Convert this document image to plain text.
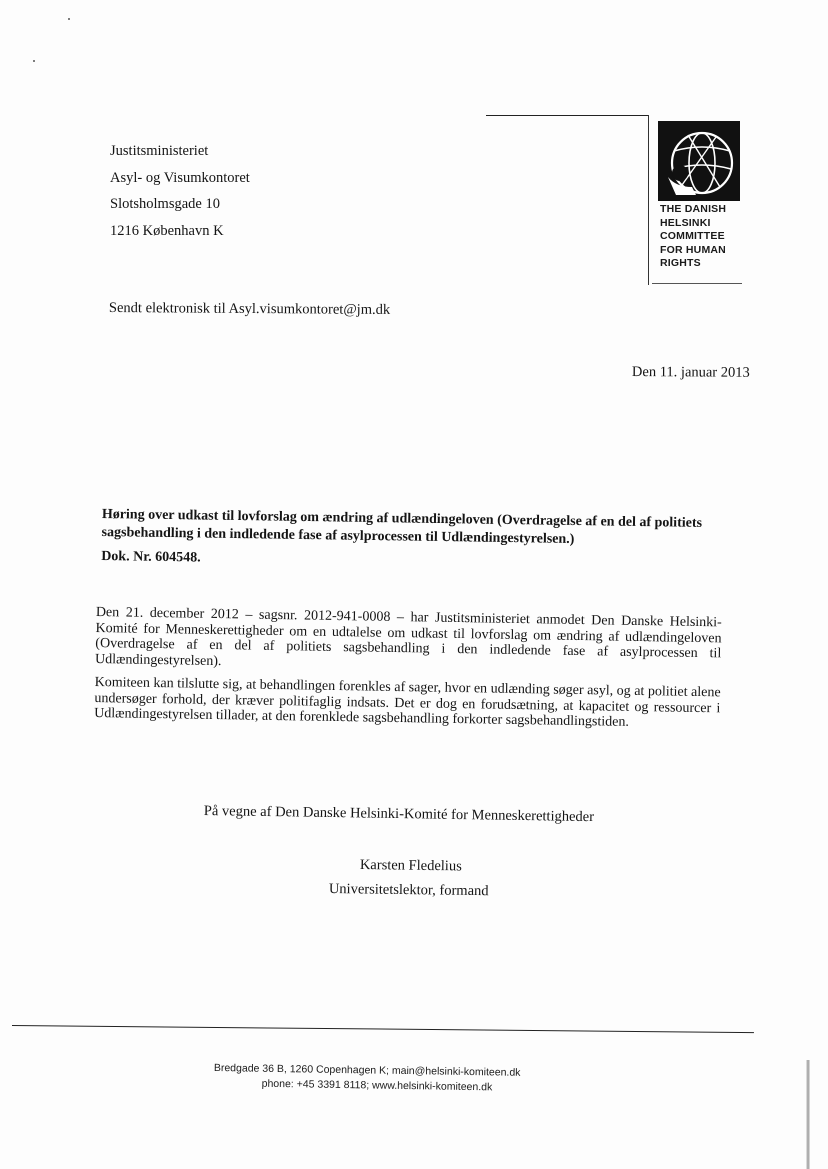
Justitsministeriet
Asyl- og Visumkontoret
Slotsholmsgade 10
1216 København K
THE DANISH
HELSINKI
COMMITTEE
FOR HUMAN
RIGHTS
Sendt elektronisk til Asyl.visumkontoret@jm.dk
Den 11. januar 2013
Høring over udkast til lovforslag om ændring af udlændingeloven (Overdragelse af en del af politiets sagsbehandling i den indledende fase af asylprocessen til Udlændingestyrelsen.)
Dok. Nr. 604548.

Den 21. december 2012 – sagsnr. 2012-941-0008 – har Justitsministeriet anmodet Den Danske Helsinki-Komité for Menneskerettigheder om en udtalelse om udkast til lovforslag om ændring af udlændingeloven (Overdragelse af en del af politiets sagsbehandling i den indledende fase af asylprocessen til Udlændingestyrelsen).

Komiteen kan tilslutte sig, at behandlingen forenkles af sager, hvor en udlænding søger asyl, og at politiet alene undersøger forhold, der kræver politifaglig indsats. Det er dog en forudsætning, at kapacitet og ressourcer i Udlændingestyrelsen tillader, at den forenklede sagsbehandling forkorter sagsbehandlingstiden.

På vegne af Den Danske Helsinki-Komité for Menneskerettigheder
Karsten Fledelius
Universitetslektor, formand
Bredgade 36 B, 1260 Copenhagen K; main@helsinki-komiteen.dk
phone: +45 3391 8118; www.helsinki-komiteen.dk
